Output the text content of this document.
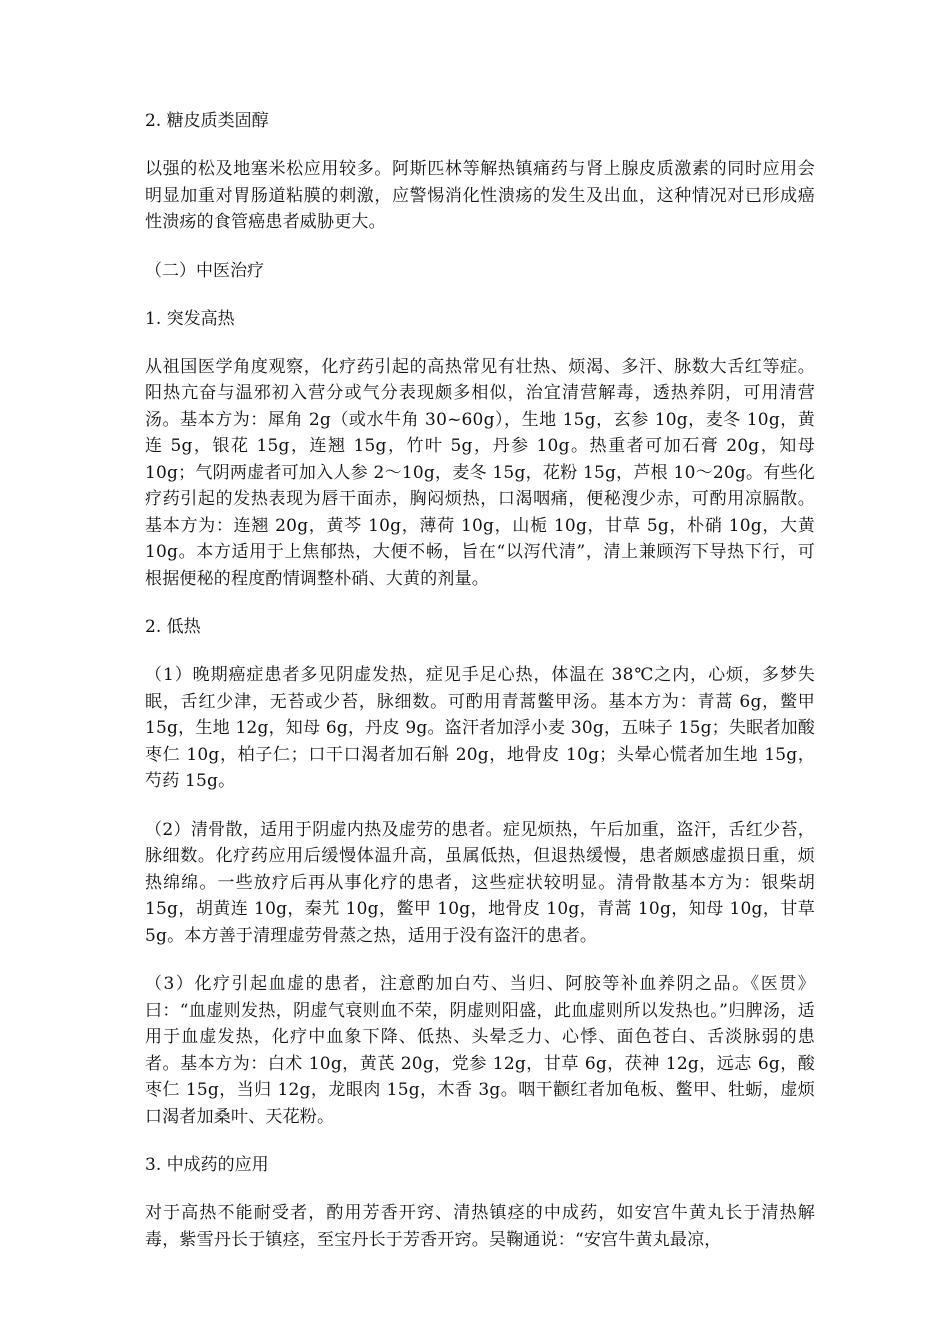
2. 糖皮质类固醇
以强的松及地塞米松应用较多。阿斯匹林等解热镇痛药与肾上腺皮质激素的同时应用会明显加重对胃肠道粘膜的刺激，应警惕消化性溃疡的发生及出血，这种情况对已形成癌性溃疡的食管癌患者威胁更大。
（二）中医治疗
1. 突发高热
从祖国医学角度观察，化疗药引起的高热常见有壮热、烦渴、多汗、脉数大舌红等症。阳热亢奋与温邪初入营分或气分表现颇多相似，治宜清营解毒，透热养阴，可用清营汤。基本方为：犀角 2g（或水牛角 30~60g），生地 15g，玄参 10g，麦冬 10g，黄连 5g，银花 15g，连翘 15g，竹叶 5g，丹参 10g。热重者可加石膏 20g，知母 10g；气阴两虚者可加入人参 2～10g，麦冬 15g，花粉 15g，芦根 10～20g。有些化疗药引起的发热表现为唇干面赤，胸闷烦热，口渴咽痛，便秘溲少赤，可酌用凉膈散。基本方为：连翘 20g，黄芩 10g，薄荷 10g，山栀 10g，甘草 5g，朴硝 10g，大黄 10g。本方适用于上焦郁热，大便不畅，旨在“以泻代清”，清上兼顾泻下导热下行，可根据便秘的程度酌情调整朴硝、大黄的剂量。
2. 低热
（1）晚期癌症患者多见阴虚发热，症见手足心热，体温在 38℃之内，心烦，多梦失眠，舌红少津，无苔或少苔，脉细数。可酌用青蒿鳖甲汤。基本方为：青蒿 6g，鳖甲 15g，生地 12g，知母 6g，丹皮 9g。盗汗者加浮小麦 30g，五味子 15g；失眠者加酸枣仁 10g，柏子仁；口干口渴者加石斛 20g，地骨皮 10g；头晕心慌者加生地 15g，芍药 15g。
（2）清骨散，适用于阴虚内热及虚劳的患者。症见烦热，午后加重，盗汗，舌红少苔，脉细数。化疗药应用后缓慢体温升高，虽属低热，但退热缓慢，患者颇感虚损日重，烦热绵绵。一些放疗后再从事化疗的患者，这些症状较明显。清骨散基本方为：银柴胡 15g，胡黄连 10g，秦艽 10g，鳖甲 10g，地骨皮 10g，青蒿 10g，知母 10g，甘草 5g。本方善于清理虚劳骨蒸之热，适用于没有盗汗的患者。
（3）化疗引起血虚的患者，注意酌加白芍、当归、阿胶等补血养阴之品。《医贯》曰：“血虚则发热，阴虚气衰则血不荣，阴虚则阳盛，此血虚则所以发热也。”归脾汤，适用于血虚发热，化疗中血象下降、低热、头晕乏力、心悸、面色苍白、舌淡脉弱的患者。基本方为：白术 10g，黄芪 20g，党参 12g，甘草 6g，茯神 12g，远志 6g，酸枣仁 15g，当归 12g，龙眼肉 15g，木香 3g。咽干颧红者加龟板、鳖甲、牡蛎，虚烦口渴者加桑叶、天花粉。
3. 中成药的应用
对于高热不能耐受者，酌用芳香开窍、清热镇痉的中成药，如安宫牛黄丸长于清热解毒，紫雪丹长于镇痉，至宝丹长于芳香开窍。吴鞠通说：“安宫牛黄丸最凉，
